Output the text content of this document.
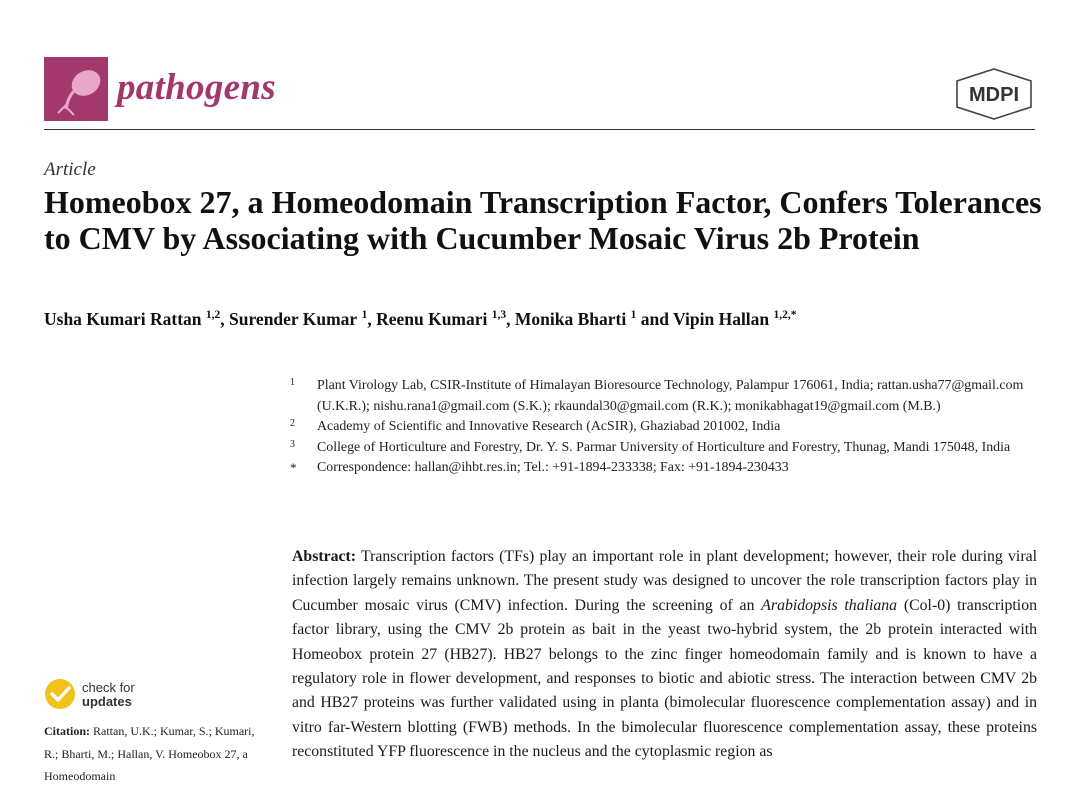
pathogens	MDPI
Article
Homeobox 27, a Homeodomain Transcription Factor, Confers Tolerances to CMV by Associating with Cucumber Mosaic Virus 2b Protein
Usha Kumari Rattan $^{1,2}$, Surender Kumar $^1$, Reenu Kumari $^{1,3}$, Monika Bharti $^1$ and Vipin Hallan $^{1,2,*}$
1 Plant Virology Lab, CSIR-Institute of Himalayan Bioresource Technology, Palampur 176061, India; rattan.usha77@gmail.com (U.K.R.); nishu.rana1@gmail.com (S.K.); rkaundal30@gmail.com (R.K.); monikabhagat19@gmail.com (M.B.)
2 Academy of Scientific and Innovative Research (AcSIR), Ghaziabad 201002, India
3 College of Horticulture and Forestry, Dr. Y. S. Parmar University of Horticulture and Forestry, Thunag, Mandi 175048, India
* Correspondence: hallan@ihbt.res.in; Tel.: +91-1894-233338; Fax: +91-1894-230433
Abstract: Transcription factors (TFs) play an important role in plant development; however, their role during viral infection largely remains unknown. The present study was designed to uncover the role transcription factors play in Cucumber mosaic virus (CMV) infection. During the screening of an Arabidopsis thaliana (Col-0) transcription factor library, using the CMV 2b protein as bait in the yeast two-hybrid system, the 2b protein interacted with Homeobox protein 27 (HB27). HB27 belongs to the zinc finger homeodomain family and is known to have a regulatory role in flower development, and responses to biotic and abiotic stress. The interaction between CMV 2b and HB27 proteins was further validated using in planta (bimolecular fluorescence complementation assay) and in vitro far-Western blotting (FWB) methods. In the bimolecular fluorescence complementation assay, these proteins reconstituted YFP fluorescence in the nucleus and the cytoplasmic region as
check for
updates
Citation: Rattan, U.K.; Kumar, S.; Kumari, R.; Bharti, M.; Hallan, V. Homeobox 27, a Homeodomain
